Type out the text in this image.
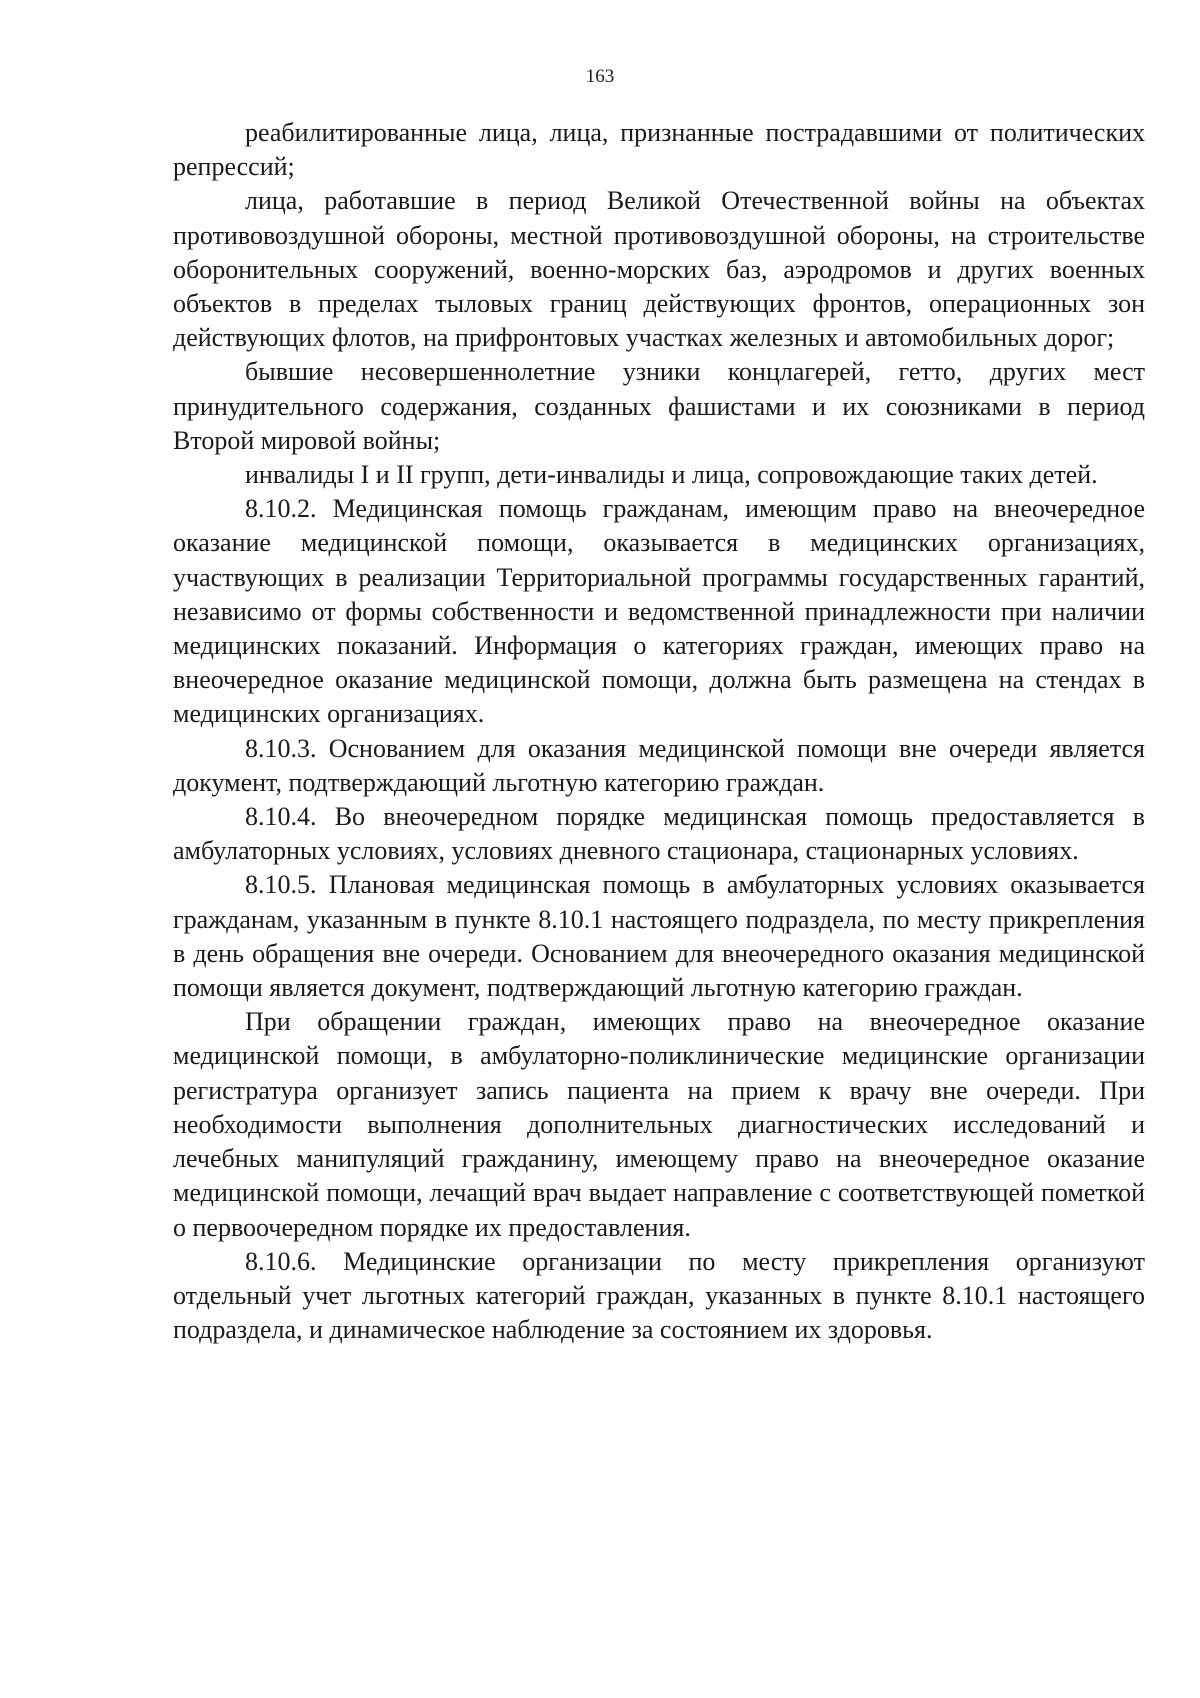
163

реабилитированные лица, лица, признанные пострадавшими от политических репрессий;

лица, работавшие в период Великой Отечественной войны на объектах противовоздушной обороны, местной противовоздушной обороны, на строительстве оборонительных сооружений, военно-морских баз, аэродромов и других военных объектов в пределах тыловых границ действующих фронтов, операционных зон действующих флотов, на прифронтовых участках железных и автомобильных дорог;

бывшие несовершеннолетние узники концлагерей, гетто, других мест принудительного содержания, созданных фашистами и их союзниками в период Второй мировой войны;

инвалиды I и II групп, дети-инвалиды и лица, сопровождающие таких детей.

8.10.2. Медицинская помощь гражданам, имеющим право на внеочередное оказание медицинской помощи, оказывается в медицинских организациях, участвующих в реализации Территориальной программы государственных гарантий, независимо от формы собственности и ведомственной принадлежности при наличии медицинских показаний. Информация о категориях граждан, имеющих право на внеочередное оказание медицинской помощи, должна быть размещена на стендах в медицинских организациях.

8.10.3. Основанием для оказания медицинской помощи вне очереди является документ, подтверждающий льготную категорию граждан.

8.10.4. Во внеочередном порядке медицинская помощь предоставляется в амбулаторных условиях, условиях дневного стационара, стационарных условиях.

8.10.5. Плановая медицинская помощь в амбулаторных условиях оказывается гражданам, указанным в пункте 8.10.1 настоящего подраздела, по месту прикрепления в день обращения вне очереди. Основанием для внеочередного оказания медицинской помощи является документ, подтверждающий льготную категорию граждан.

При обращении граждан, имеющих право на внеочередное оказание медицинской помощи, в амбулаторно-поликлинические медицинские организации регистратура организует запись пациента на прием к врачу вне очереди. При необходимости выполнения дополнительных диагностических исследований и лечебных манипуляций гражданину, имеющему право на внеочередное оказание медицинской помощи, лечащий врач выдает направление с соответствующей пометкой о первоочередном порядке их предоставления.

8.10.6. Медицинские организации по месту прикрепления организуют отдельный учет льготных категорий граждан, указанных в пункте 8.10.1 настоящего подраздела, и динамическое наблюдение за состоянием их здоровья.
